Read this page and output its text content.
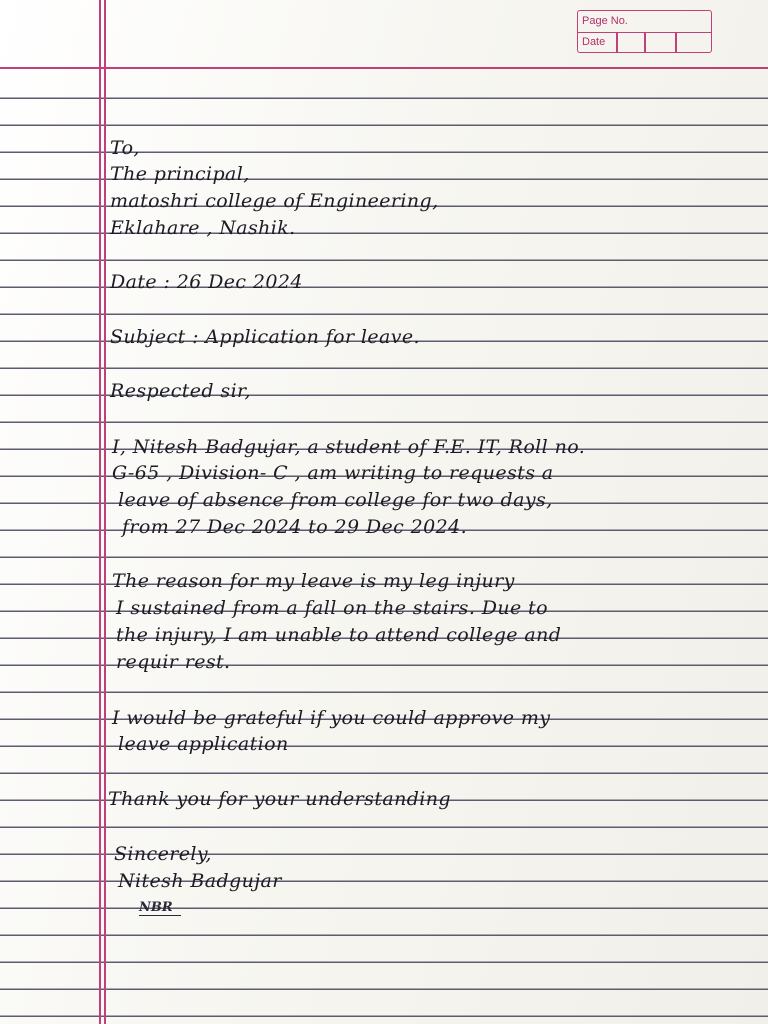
Page No.
Date
To,
The principal,
matoshri college of Engineering,
Eklahare , Nashik.
Date : 26 Dec 2024
Subject : Application for leave.
Respected sir,
I, Nitesh Badgujar, a student of F.E. IT, Roll no.
G-65 , Division- C , am writing to requests a
leave of absence from college for two days,
from 27 Dec 2024 to 29 Dec 2024.
The reason for my leave is my leg injury
I sustained from a fall on the stairs. Due to
the injury, I am unable to attend college and
requir rest.
I would be grateful if you could approve my
leave application
Thank you for your understanding
Sincerely,
Nitesh Badgujar
NBR
